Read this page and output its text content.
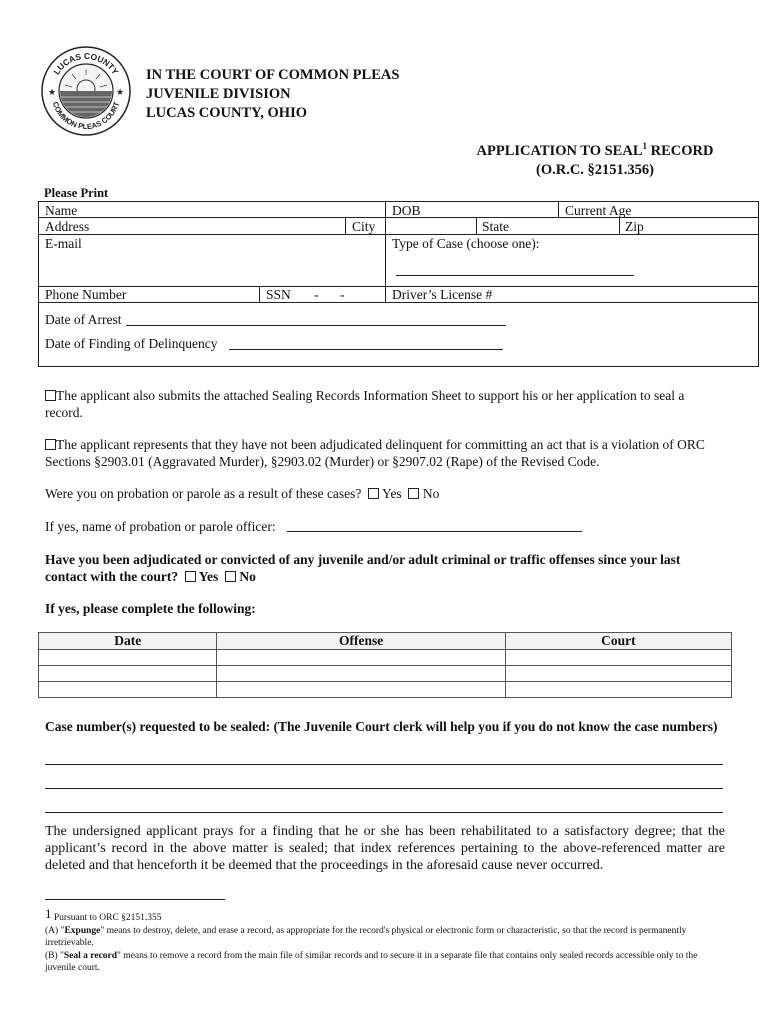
LUCAS COUNTY
COMMON PLEAS COURT
★	★
IN THE COURT OF COMMON PLEAS
JUVENILE DIVISION
LUCAS COUNTY, OHIO
APPLICATION TO SEAL$^1$ RECORD
(O.R.C. §2151.356)
Please Print
Name	DOB	Current Age
Address	City	State	Zip
E-mail	Type of Case (choose one):
Phone Number	SSN - -	Driver’s License #
Date of Arrest
Date of Finding of Delinquency
The applicant also submits the attached Sealing Records Information Sheet to support his or her application to seal a record.
The applicant represents that they have not been adjudicated delinquent for committing an act that is a violation of ORC Sections §2903.01 (Aggravated Murder), §2903.02 (Murder) or §2907.02 (Rape) of the Revised Code.
Were you on probation or parole as a result of these cases? Yes No
If yes, name of probation or parole officer:
Have you been adjudicated or convicted of any juvenile and/or adult criminal or traffic offenses since your last contact with the court? Yes No
If yes, please complete the following:
Date	Offense	Court

Case number(s) requested to be sealed: (The Juvenile Court clerk will help you if you do not know the case numbers)
The undersigned applicant prays for a finding that he or she has been rehabilitated to a satisfactory degree; that the applicant’s record in the above matter is sealed; that index references pertaining to the above-referenced matter are deleted and that henceforth it be deemed that the proceedings in the aforesaid cause never occurred.
1 Pursuant to ORC §2151.355
(A) "Expunge" means to destroy, delete, and erase a record, as appropriate for the record's physical or electronic form or characteristic, so that the record is permanently irretrievable.
(B) "Seal a record" means to remove a record from the main file of similar records and to secure it in a separate file that contains only sealed records accessible only to the juvenile court.
